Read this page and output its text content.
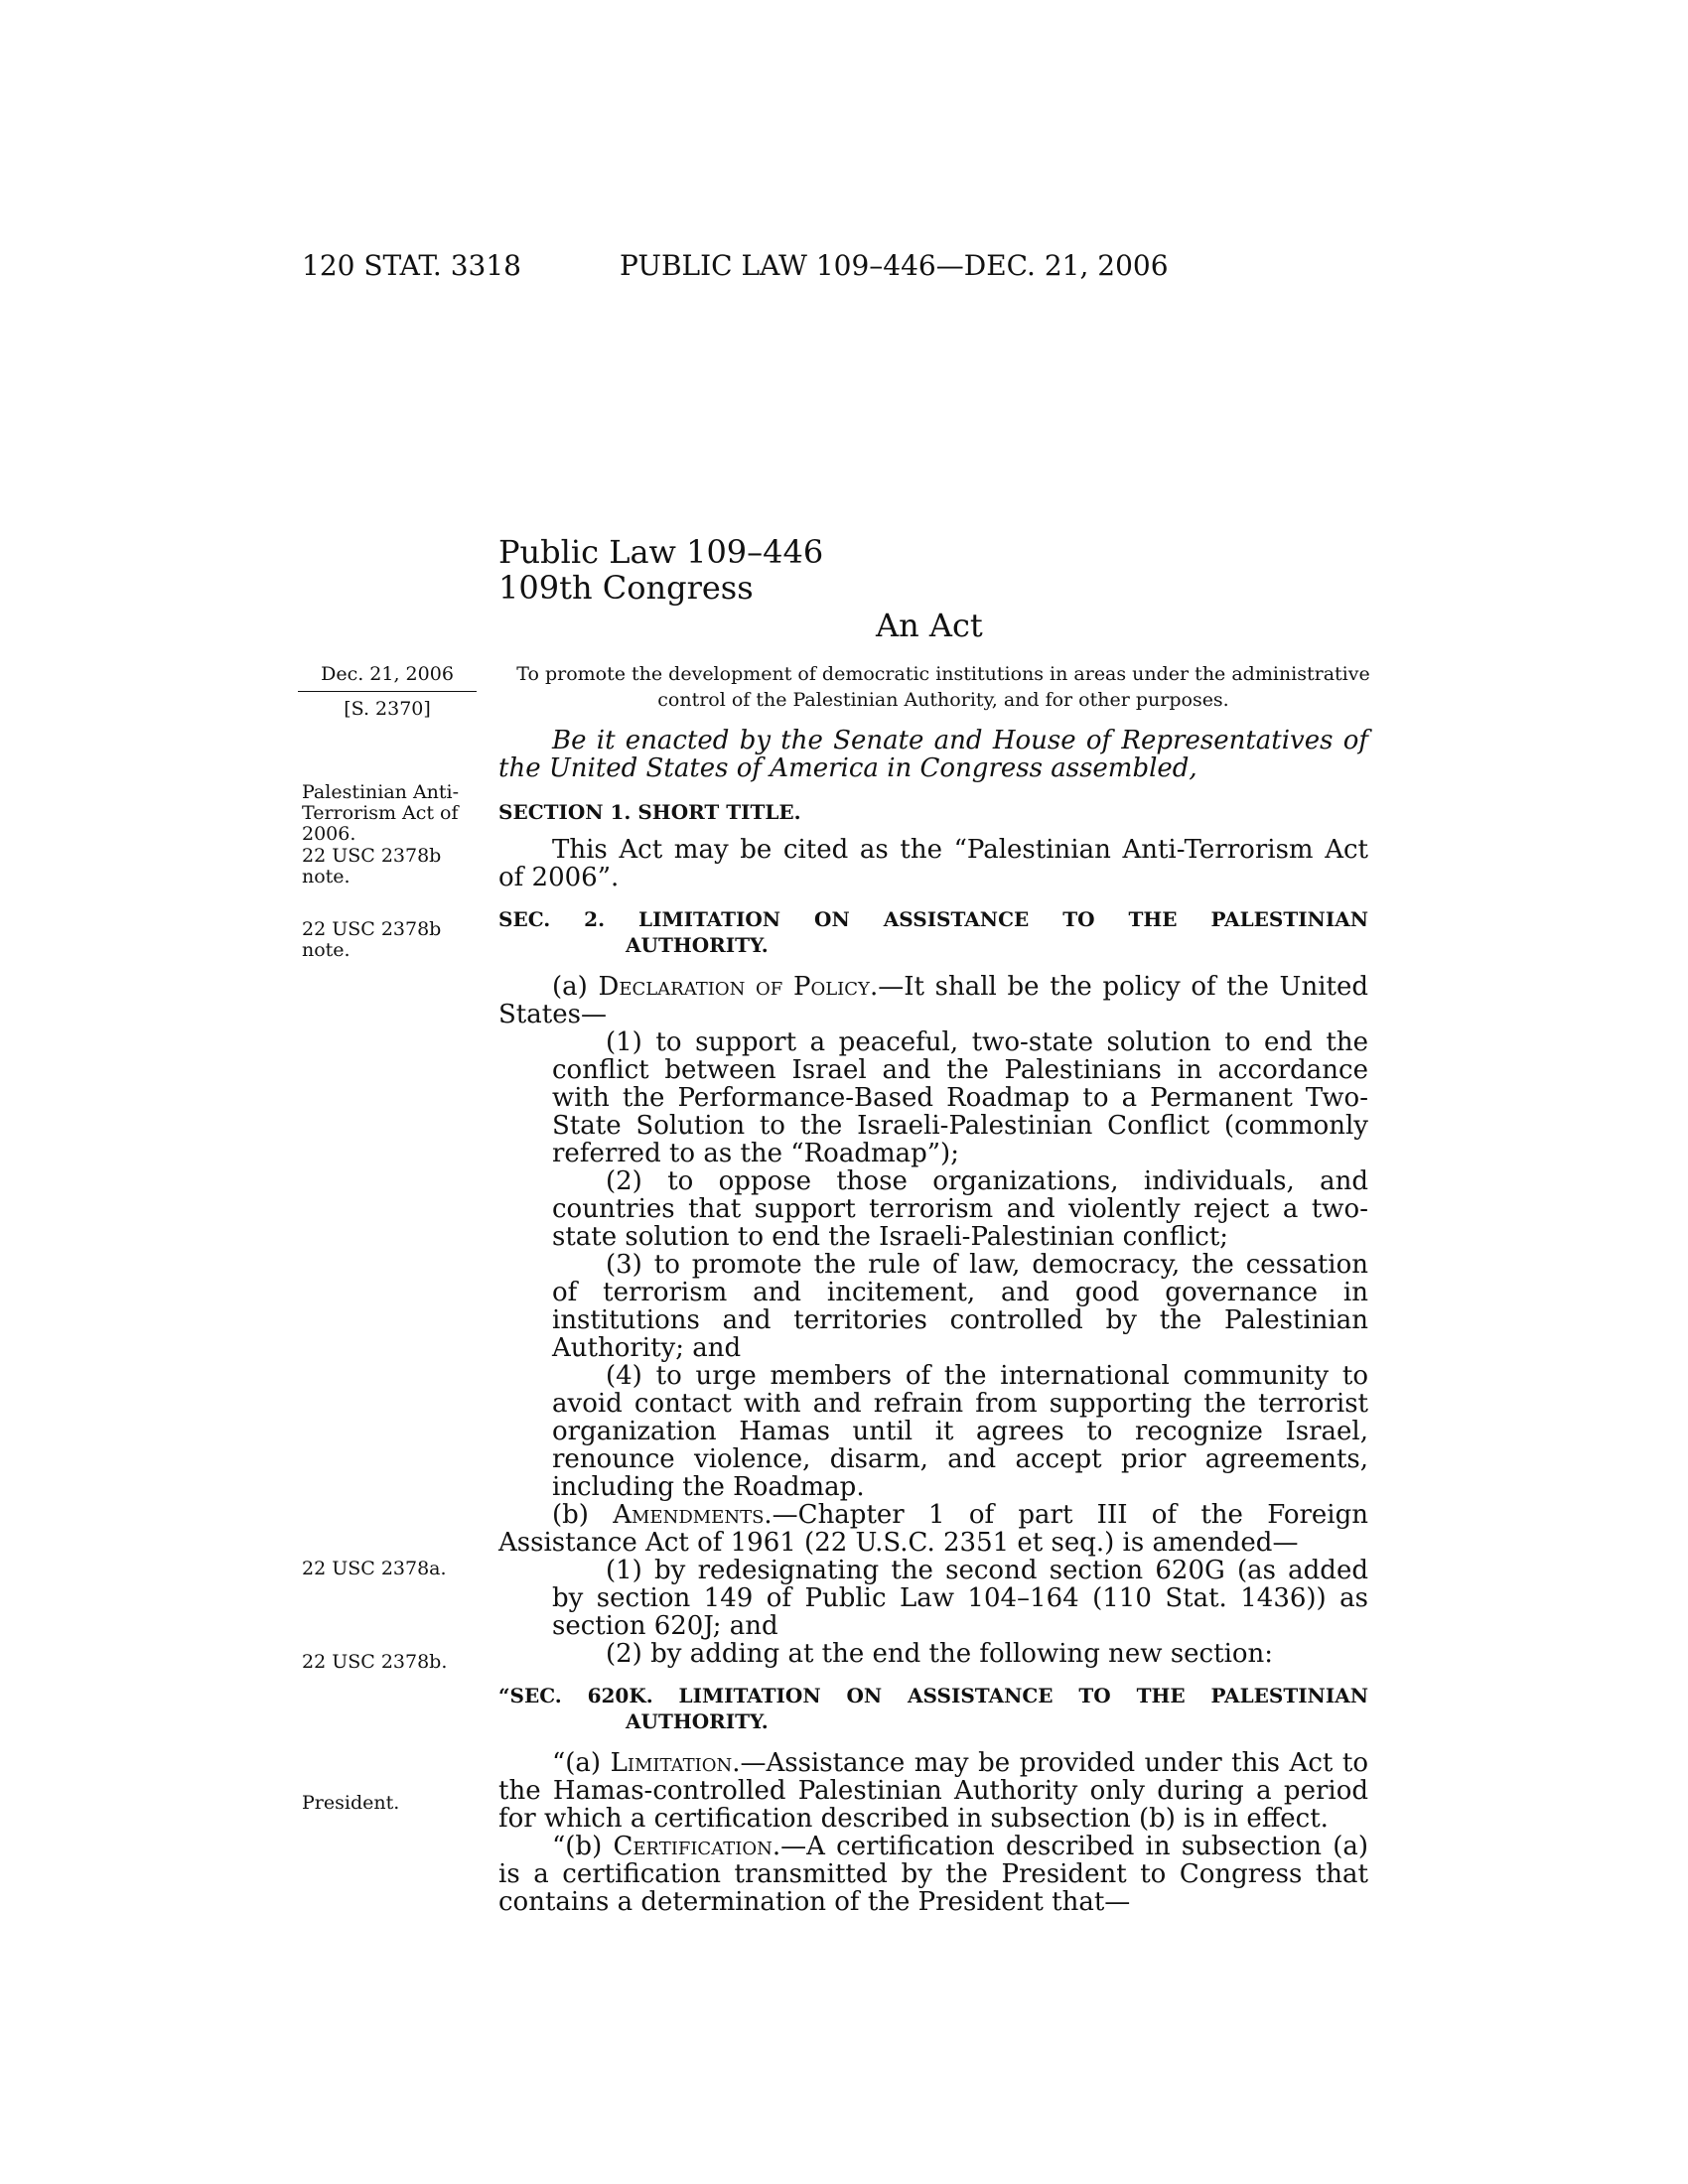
120 STAT. 3318	PUBLIC LAW 109–446—DEC. 21, 2006
Public Law 109–446
109th Congress
An Act
Dec. 21, 2006
[S. 2370]
To promote the development of democratic institutions in areas under the administrative control of the Palestinian Authority, and for other purposes.
Palestinian Anti-Terrorism Act of 2006.
22 USC 2378b note.
22 USC 2378b note.
22 USC 2378a.
22 USC 2378b.
President.

Be it enacted by the Senate and House of Representatives of the United States of America in Congress assembled,

SECTION 1. SHORT TITLE.

This Act may be cited as the “Palestinian Anti-Terrorism Act of 2006”.

SEC. 2. LIMITATION ON ASSISTANCE TO THE PALESTINIAN

AUTHORITY.

(a) Declaration of Policy.—It shall be the policy of the United States—

(1) to support a peaceful, two-state solution to end the conflict between Israel and the Palestinians in accordance with the Performance-Based Roadmap to a Permanent Two-State Solution to the Israeli-Palestinian Conflict (commonly referred to as the “Roadmap”);

(2) to oppose those organizations, individuals, and countries that support terrorism and violently reject a two-state solution to end the Israeli-Palestinian conflict;

(3) to promote the rule of law, democracy, the cessation of terrorism and incitement, and good governance in institutions and territories controlled by the Palestinian Authority; and

(4) to urge members of the international community to avoid contact with and refrain from supporting the terrorist organization Hamas until it agrees to recognize Israel, renounce violence, disarm, and accept prior agreements, including the Roadmap.

(b) Amendments.—Chapter 1 of part III of the Foreign Assistance Act of 1961 (22 U.S.C. 2351 et seq.) is amended—

(1) by redesignating the second section 620G (as added by section 149 of Public Law 104–164 (110 Stat. 1436)) as section 620J; and

(2) by adding at the end the following new section:

“SEC. 620K. LIMITATION ON ASSISTANCE TO THE PALESTINIAN

AUTHORITY.

“(a) Limitation.—Assistance may be provided under this Act to the Hamas-controlled Palestinian Authority only during a period for which a certification described in subsection (b) is in effect.

“(b) Certification.—A certification described in subsection (a) is a certification transmitted by the President to Congress that contains a determination of the President that—
